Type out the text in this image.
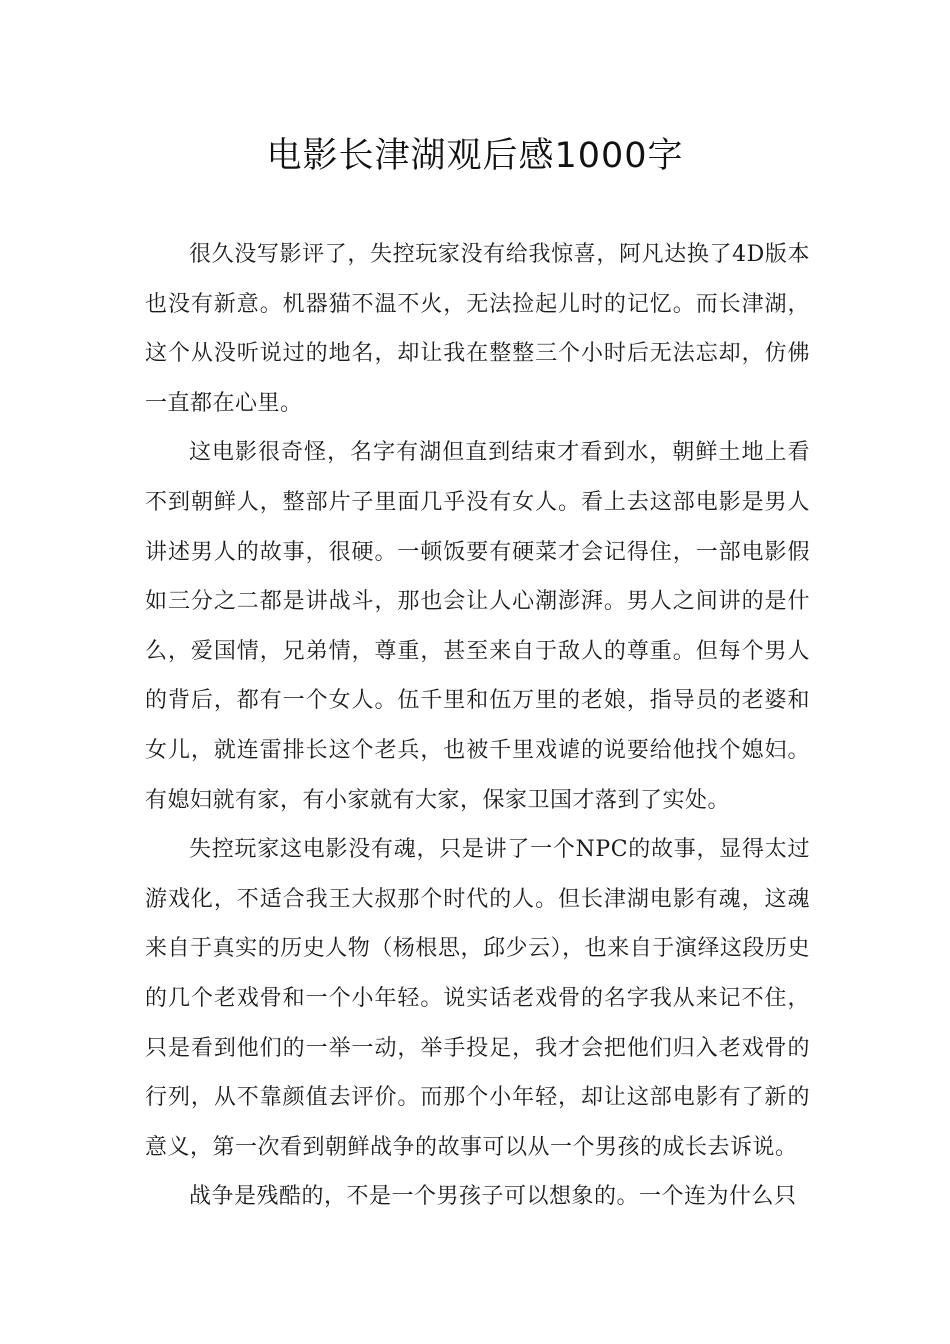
电影长津湖观后感1000字

很久没写影评了，失控玩家没有给我惊喜，阿凡达换了4D版本也没有新意。机器猫不温不火，无法捡起儿时的记忆。而长津湖，这个从没听说过的地名，却让我在整整三个小时后无法忘却，仿佛一直都在心里。

这电影很奇怪，名字有湖但直到结束才看到水，朝鲜土地上看不到朝鲜人，整部片子里面几乎没有女人。看上去这部电影是男人讲述男人的故事，很硬。一顿饭要有硬菜才会记得住，一部电影假如三分之二都是讲战斗，那也会让人心潮澎湃。男人之间讲的是什么，爱国情，兄弟情，尊重，甚至来自于敌人的尊重。但每个男人的背后，都有一个女人。伍千里和伍万里的老娘，指导员的老婆和女儿，就连雷排长这个老兵，也被千里戏谑的说要给他找个媳妇。有媳妇就有家，有小家就有大家，保家卫国才落到了实处。

失控玩家这电影没有魂，只是讲了一个NPC的故事，显得太过游戏化，不适合我王大叔那个时代的人。但长津湖电影有魂，这魂来自于真实的历史人物（杨根思，邱少云），也来自于演绎这段历史的几个老戏骨和一个小年轻。说实话老戏骨的名字我从来记不住，只是看到他们的一举一动，举手投足，我才会把他们归入老戏骨的行列，从不靠颜值去评价。而那个小年轻，却让这部电影有了新的意义，第一次看到朝鲜战争的故事可以从一个男孩的成长去诉说。

战争是残酷的，不是一个男孩子可以想象的。一个连为什么只
